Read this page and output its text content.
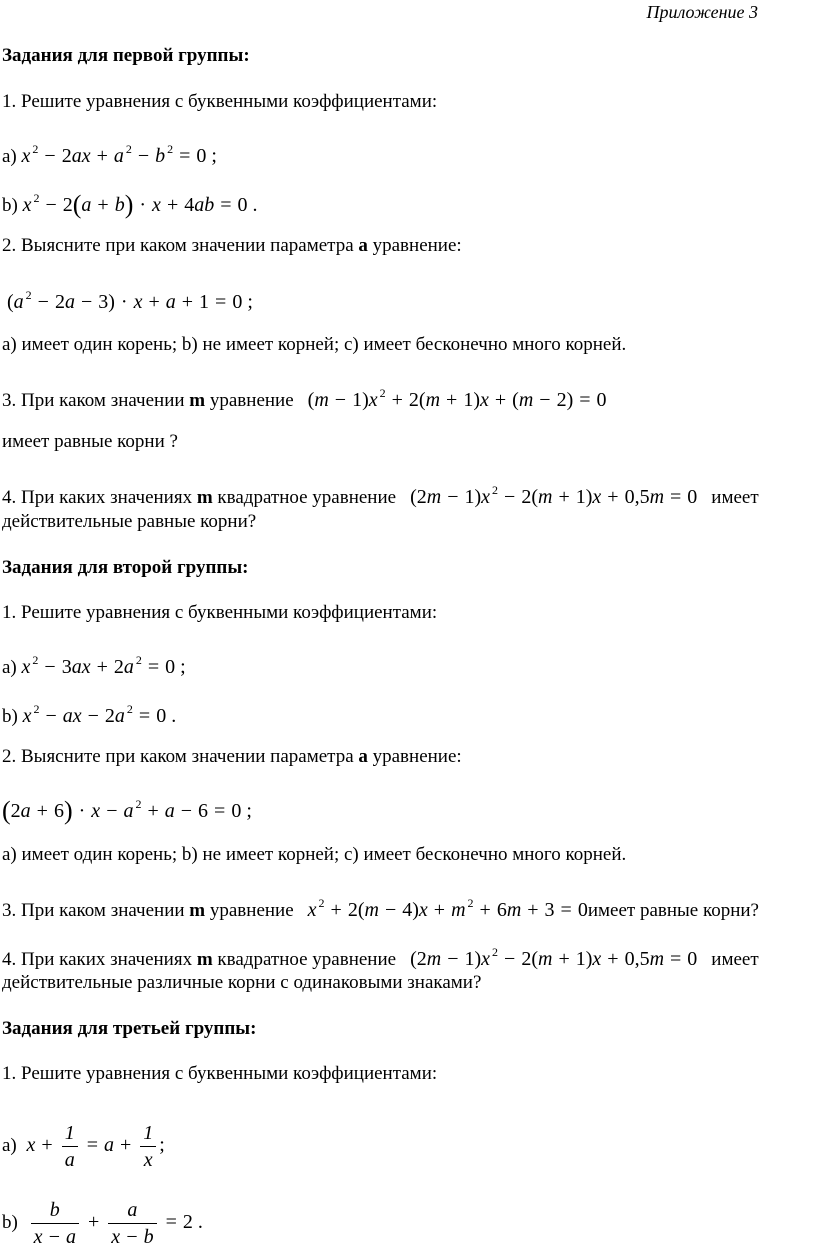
Приложение 3
Задания для первой группы:
1. Решите уравнения с буквенными коэффициентами:
a) x $^2$ − 2ax + a $^2$ − b $^2$ = 0 ;
b) x $^2$ − 2(a + b) · x + 4ab = 0 .
2. Выясните при каком значении параметра a уравнение:
(a $^2$ − 2a − 3) · x + a + 1 = 0 ;
a) имеет один корень; b) не имеет корней; c) имеет бесконечно много корней.
3. При каком значении m уравнение (m − 1)x $^2$ + 2(m + 1)x + (m − 2) = 0
имеет равные корни ?
4. При каких значениях m квадратное уравнение (2m − 1)x $^2$ − 2(m + 1)x + 0,5m = 0 имеет
действительные равные корни?
Задания для второй группы:
1. Решите уравнения с буквенными коэффициентами:
a) x $^2$ − 3ax + 2a $^2$ = 0 ;
b) x $^2$ − ax − 2a $^2$ = 0 .
2. Выясните при каком значении параметра a уравнение:
(2a + 6) · x − a $^2$ + a − 6 = 0 ;
a) имеет один корень; b) не имеет корней; c) имеет бесконечно много корней.
3. При каком значении m уравнение x $^2$ + 2(m − 4)x + m $^2$ + 6m + 3 = 0имеет равные корни?
4. При каких значениях m квадратное уравнение (2m − 1)x $^2$ − 2(m + 1)x + 0,5m = 0 имеет
действительные различные корни с одинаковыми знаками?
Задания для третьей группы:
1. Решите уравнения с буквенными коэффициентами:
a) $x + \frac{1}{a} = a + \frac{1}{x}$ ;
$b) \frac{b}{x - a} + \frac{a}{x - b} = 2$ .
